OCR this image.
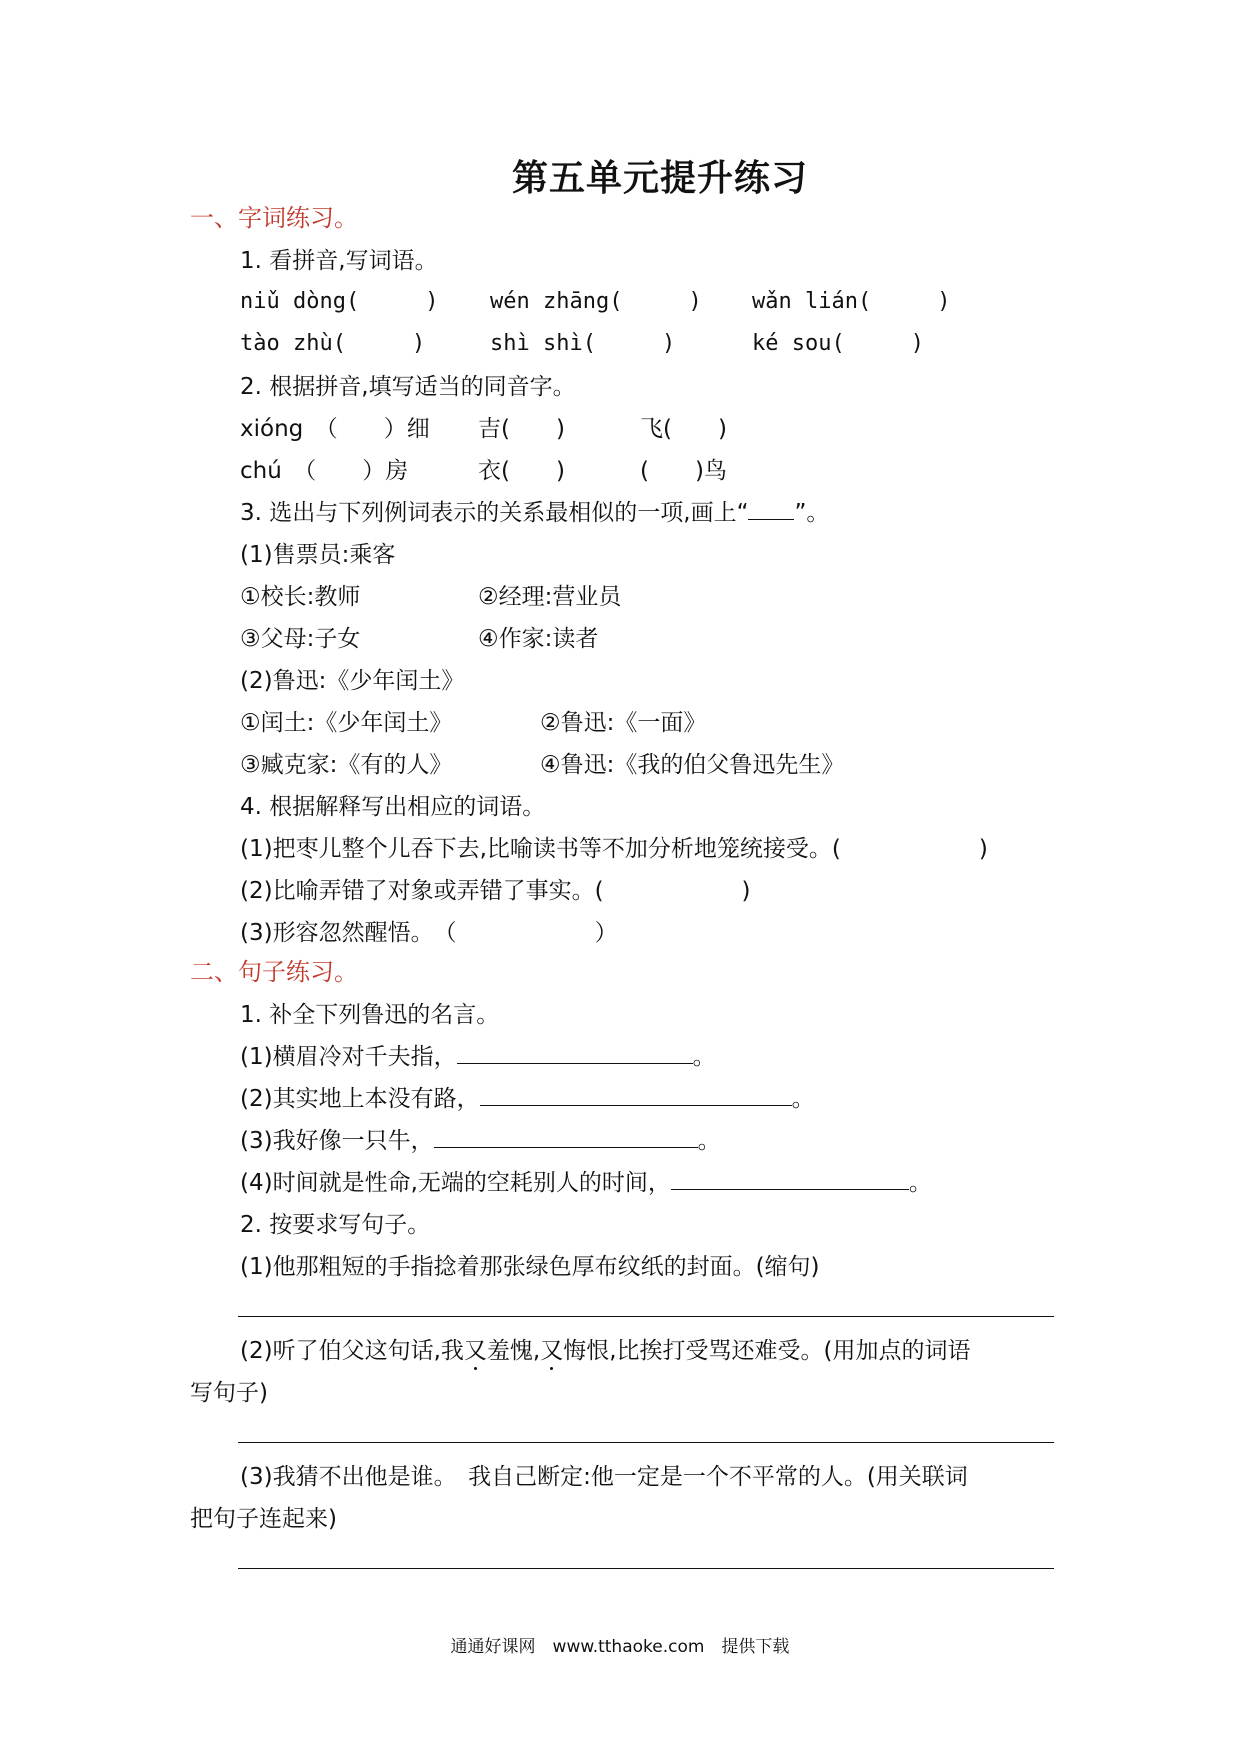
第五单元提升练习
一、字词练习。
1. 看拼音,写词语。
niǔ dòng(　　　) wén zhāng(　　　) wǎn lián(　　　)
tào zhù(　　　)	shì shì(　　　)	ké sou(　　　)
2. 根据拼音,填写适当的同音字。
xióng　（　　）细 吉(　　)	飞(　　)
chú　（　　）房	衣(　　)	(　　)鸟
3. 选出与下列例词表示的关系最相似的一项,画上“ ”。
(1)售票员:乘客
①校长:教师	②经理:营业员
③父母:子女	④作家:读者
(2)鲁迅:《少年闰土》
①闰土:《少年闰土》	②鲁迅:《一面》
③臧克家:《有的人》	④鲁迅:《我的伯父鲁迅先生》
4. 根据解释写出相应的词语。
(1)把枣儿整个儿吞下去,比喻读书等不加分析地笼统接受。(　　　　　　)
(2)比喻弄错了对象或弄错了事实。(　　　　　　)
(3)形容忽然醒悟。　（　　　　　　）
二、句子练习。
1. 补全下列鲁迅的名言。
(1)横眉冷对千夫指，	。
(2)其实地上本没有路，	。
(3)我好像一只牛，	。
(4)时间就是性命,无端的空耗别人的时间，	。
2. 按要求写句子。
(1)他那粗短的手指捻着那张绿色厚布纹纸的封面。(缩句)
(2)听了伯父这句话,我又羞愧,又悔恨,比挨打受骂还难受。(用加点的词语
写句子)
(3)我猜不出他是谁。　我自己断定:他一定是一个不平常的人。(用关联词
把句子连起来)
通通好课网　www.tthaoke.com　提供下载
